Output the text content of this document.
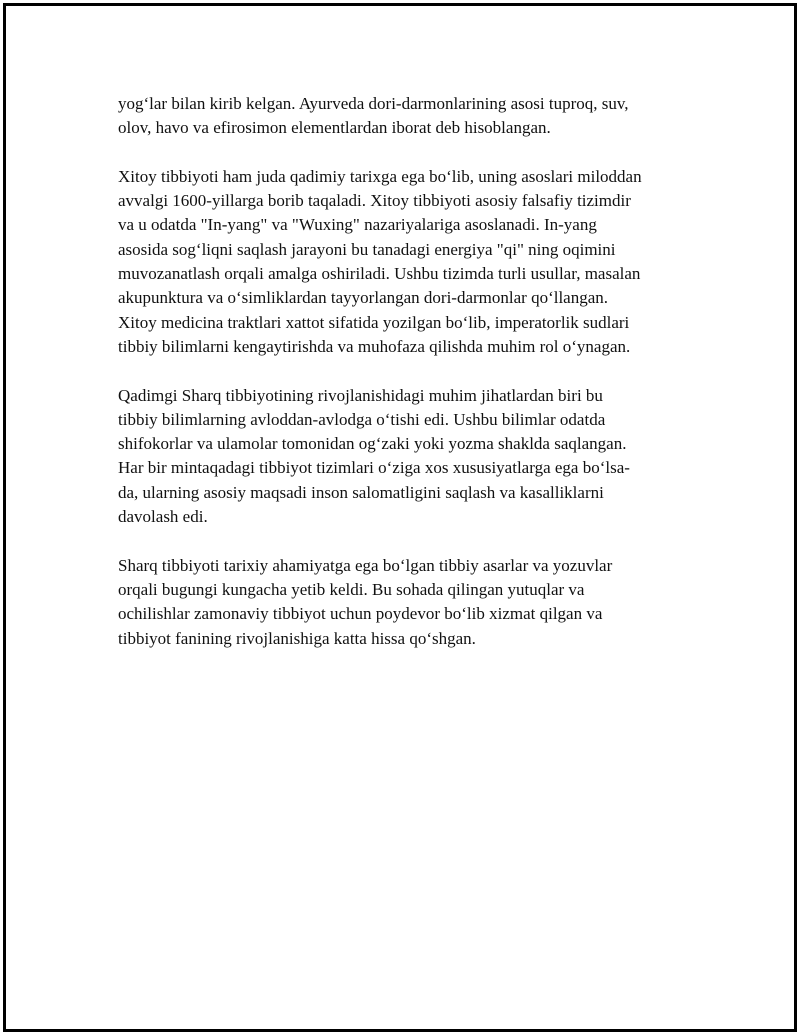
yog‘lar bilan kirib kelgan. Ayurveda dori-darmonlarining asosi tuproq, suv,
olov, havo va efirosimon elementlardan iborat deb hisoblangan.

Xitoy tibbiyoti ham juda qadimiy tarixga ega bo‘lib, uning asoslari miloddan
avvalgi 1600-yillarga borib taqaladi. Xitoy tibbiyoti asosiy falsafiy tizimdir
va u odatda "In-yang" va "Wuxing" nazariyalariga asoslanadi. In-yang
asosida sog‘liqni saqlash jarayoni bu tanadagi energiya "qi" ning oqimini
muvozanatlash orqali amalga oshiriladi. Ushbu tizimda turli usullar, masalan
akupunktura va o‘simliklardan tayyorlangan dori-darmonlar qo‘llangan.
Xitoy medicina traktlari xattot sifatida yozilgan bo‘lib, imperatorlik sudlari
tibbiy bilimlarni kengaytirishda va muhofaza qilishda muhim rol o‘ynagan.

Qadimgi Sharq tibbiyotining rivojlanishidagi muhim jihatlardan biri bu
tibbiy bilimlarning avloddan-avlodga o‘tishi edi. Ushbu bilimlar odatda
shifokorlar va ulamolar tomonidan og‘zaki yoki yozma shaklda saqlangan.
Har bir mintaqadagi tibbiyot tizimlari o‘ziga xos xususiyatlarga ega bo‘lsa-
da, ularning asosiy maqsadi inson salomatligini saqlash va kasalliklarni
davolash edi.

Sharq tibbiyoti tarixiy ahamiyatga ega bo‘lgan tibbiy asarlar va yozuvlar
orqali bugungi kungacha yetib keldi. Bu sohada qilingan yutuqlar va
ochilishlar zamonaviy tibbiyot uchun poydevor bo‘lib xizmat qilgan va
tibbiyot fanining rivojlanishiga katta hissa qo‘shgan.
